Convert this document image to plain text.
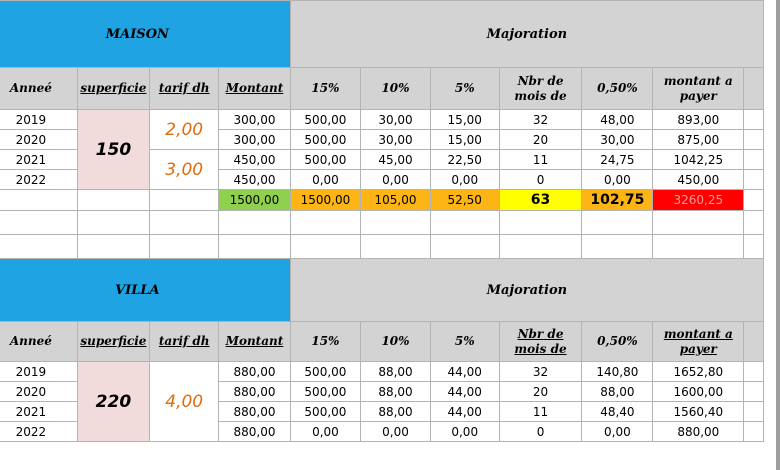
MAISON				Majoration						
Anneé	superficie	tarif dh	Montant	15%	10%	5%	Nbr de mois de	0,50%	montant a payer	
2019	150	2,00	300,00	500,00	30,00	15,00	32	48,00	893,00	
2020			300,00	500,00	30,00	15,00	20	30,00	875,00	
2021		3,00	450,00	500,00	45,00	22,50	11	24,75	1042,25	
2022			450,00	0,00	0,00	0,00	0	0,00	450,00	
			1500,00	1500,00	105,00	52,50	63	102,75	3260,25	

VILLA				Majoration						
Anneé	superficie	tarif dh	Montant	15%	10%	5%	Nbr de mois de	0,50%	montant a payer	
2019	220	4,00	880,00	500,00	88,00	44,00	32	140,80	1652,80	
2020			880,00	500,00	88,00	44,00	20	88,00	1600,00	
2021			880,00	500,00	88,00	44,00	11	48,40	1560,40	
2022			880,00	0,00	0,00	0,00	0	0,00	880,00	
